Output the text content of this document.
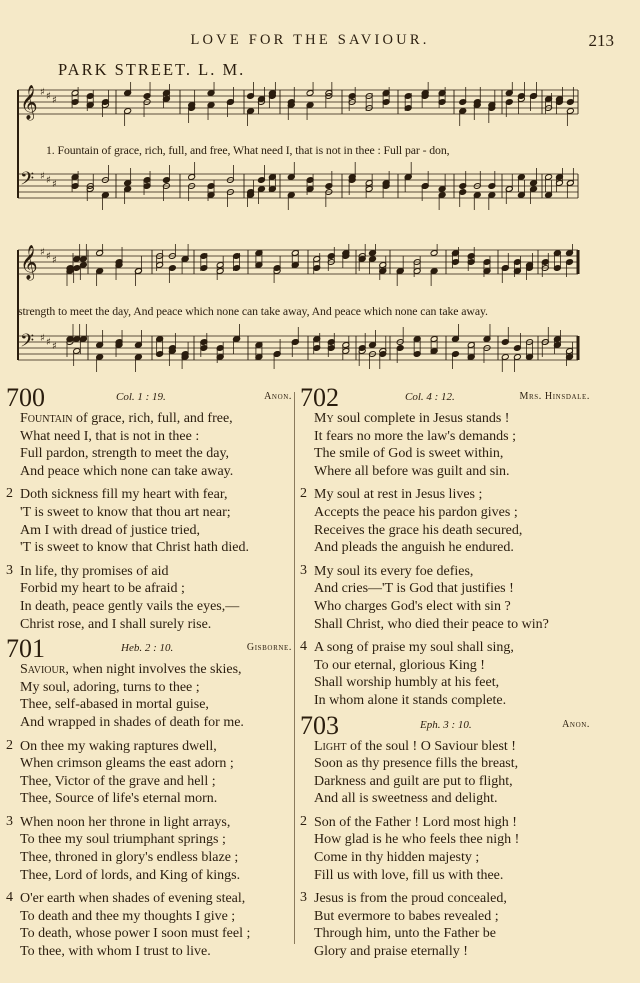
LOVE FOR THE SAVIOUR.	213
PARK STREET. L. M.
𝄞 ♯ ♯ ♯
𝄢 ♯ ♯ ♯
1. Fountain of grace, rich, full, and free, What need I, that is not in thee : Full par - don,
𝄞 ♯ ♯ ♯
𝄢 ♯ ♯ ♯
strength to meet the day, And peace which none can take away, And peace which none can take away.
700	Col. 1 : 19.	Anon.
Fountain of grace, rich, full, and free,
What need I, that is not in thee :
Full pardon, strength to meet the day,
And peace which none can take away.
2 Doth sickness fill my heart with fear,
'T is sweet to know that thou art near;
Am I with dread of justice tried,
'T is sweet to know that Christ hath died.
3 In life, thy promises of aid
Forbid my heart to be afraid ;
In death, peace gently vails the eyes,—
Christ rose, and I shall surely rise.
701	Heb. 2 : 10.	Gisborne.
Saviour, when night involves the skies,
My soul, adoring, turns to thee ;
Thee, self-abased in mortal guise,
And wrapped in shades of death for me.
2 On thee my waking raptures dwell,
When crimson gleams the east adorn ;
Thee, Victor of the grave and hell ;
Thee, Source of life's eternal morn.
3 When noon her throne in light arrays,
To thee my soul triumphant springs ;
Thee, throned in glory's endless blaze ;
Thee, Lord of lords, and King of kings.
4 O'er earth when shades of evening steal,
To death and thee my thoughts I give ;
To death, whose power I soon must feel ;
To thee, with whom I trust to live.
702	Col. 4 : 12.	Mrs. Hinsdale.
My soul complete in Jesus stands !
It fears no more the law's demands ;
The smile of God is sweet within,
Where all before was guilt and sin.
2 My soul at rest in Jesus lives ;
Accepts the peace his pardon gives ;
Receives the grace his death secured,
And pleads the anguish he endured.
3 My soul its every foe defies,
And cries—'T is God that justifies !
Who charges God's elect with sin ?
Shall Christ, who died their peace to win?
4 A song of praise my soul shall sing,
To our eternal, glorious King !
Shall worship humbly at his feet,
In whom alone it stands complete.
703	Eph. 3 : 10.	Anon.
Light of the soul ! O Saviour blest !
Soon as thy presence fills the breast,
Darkness and guilt are put to flight,
And all is sweetness and delight.
2 Son of the Father ! Lord most high !
How glad is he who feels thee nigh !
Come in thy hidden majesty ;
Fill us with love, fill us with thee.
3 Jesus is from the proud concealed,
But evermore to babes revealed ;
Through him, unto the Father be
Glory and praise eternally !
